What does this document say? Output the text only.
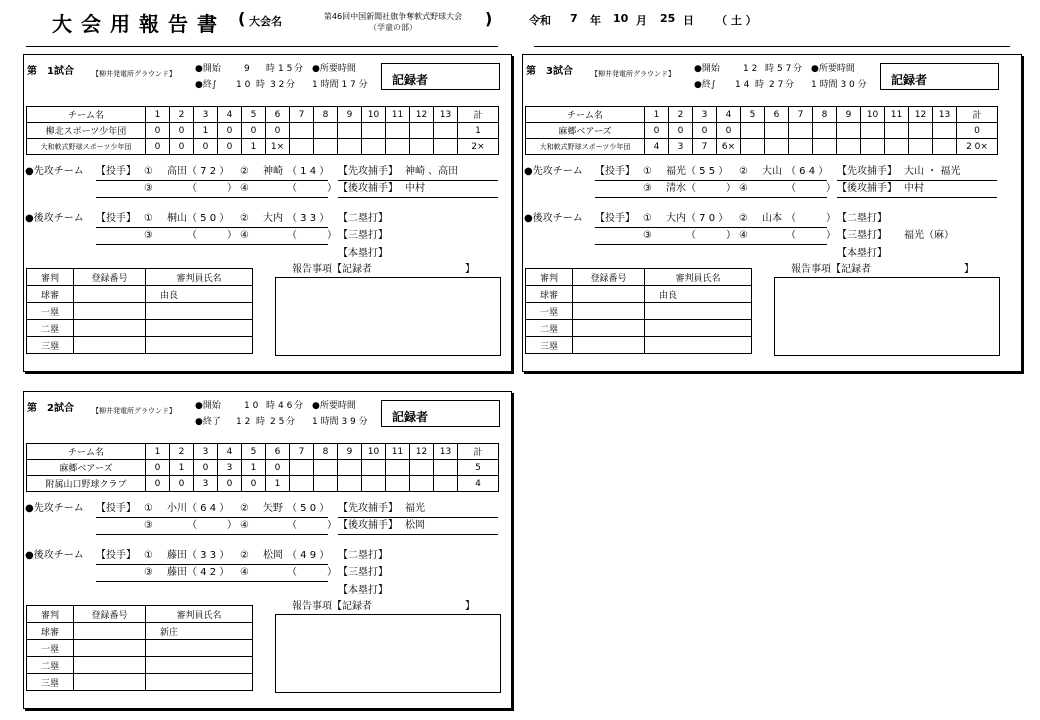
大会用報告書 ( 大会名	第46回中国新聞社旗争奪軟式野球大会
（学童の部）	)	令和 7 年 10 月 25 日 （ 土 ）
第　1試合	【柳井発電所グラウンド】 ●開始	9 時 1 5 分 ●所要時間
●終∫ 1 0 時 3 2 分 1 時間 1 7 分 記録者
チーム名	1	2	3	4	5	6	7	8	9	10	11	12	13	計
柳北スポーツ少年団	0	0	1	0	0	0								1
大和軟式野球スポーツ少年団	0	0	0	0	1	1×								2×
●先攻チーム 【投手】 ① 高田 （ 7 2 ） ② 神崎 （ 1 4 ） 【先攻捕手】 神崎 、高田
③	（　　　） ④	（　　　） 【後攻捕手】 中村
●後攻チーム 【投手】 ① 桐山 （ 5 0 ） ② 大内 （ 3 3 ） 【二塁打】
③	（　　　） ④	（　　　） 【三塁打】
【本塁打】
審判	登録番号	審判員氏名
球審		由良
一塁		
二塁		
三塁		
報告事項【記録者	】
第　3試合	【柳井発電所グラウンド】 ●開始	1 2 時 5 7 分 ●所要時間
●終∫ 1 4 時 2 7 分 1 時間 3 0 分 記録者
チーム名	1	2	3	4	5	6	7	8	9	10	11	12	13	計
麻郷ベアーズ	0	0	0	0										0
大和軟式野球スポーツ少年団	4	3	7	6×										2 0×
●先攻チーム 【投手】 ① 福光 （ 5 5 ） ② 大山 （ 6 4 ） 【先攻捕手】 大山 ・ 福光
③ 清水 （　　　） ④	（　　　） 【後攻捕手】 中村
●後攻チーム 【投手】 ① 大内 （ 7 0 ） ② 山本 （　　　） 【二塁打】
③	（　　　） ④	（　　　） 【三塁打】 福光（麻）
【本塁打】
審判	登録番号	審判員氏名
球審		由良
一塁		
二塁		
三塁		
報告事項【記録者	】
第　2試合	【柳井発電所グラウンド】 ●開始	1 0 時 4 6 分 ●所要時間
●終了 1 2 時 2 5 分 1 時間 3 9 分 記録者
チーム名	1	2	3	4	5	6	7	8	9	10	11	12	13	計
麻郷ベアーズ	0	1	0	3	1	0								5
附属山口野球クラブ	0	0	3	0	0	1								4
●先攻チーム 【投手】 ① 小川 （ 6 4 ） ② 矢野 （ 5 0 ） 【先攻捕手】 福光
③	（　　　） ④	（　　　） 【後攻捕手】 松岡
●後攻チーム 【投手】 ① 藤田 （ 3 3 ） ② 松岡 （ 4 9 ） 【二塁打】
③ 藤田 （ 4 2 ） ④	（　　　） 【三塁打】
【本塁打】
審判	登録番号	審判員氏名
球審		新庄
一塁		
二塁		
三塁		
報告事項【記録者	】
